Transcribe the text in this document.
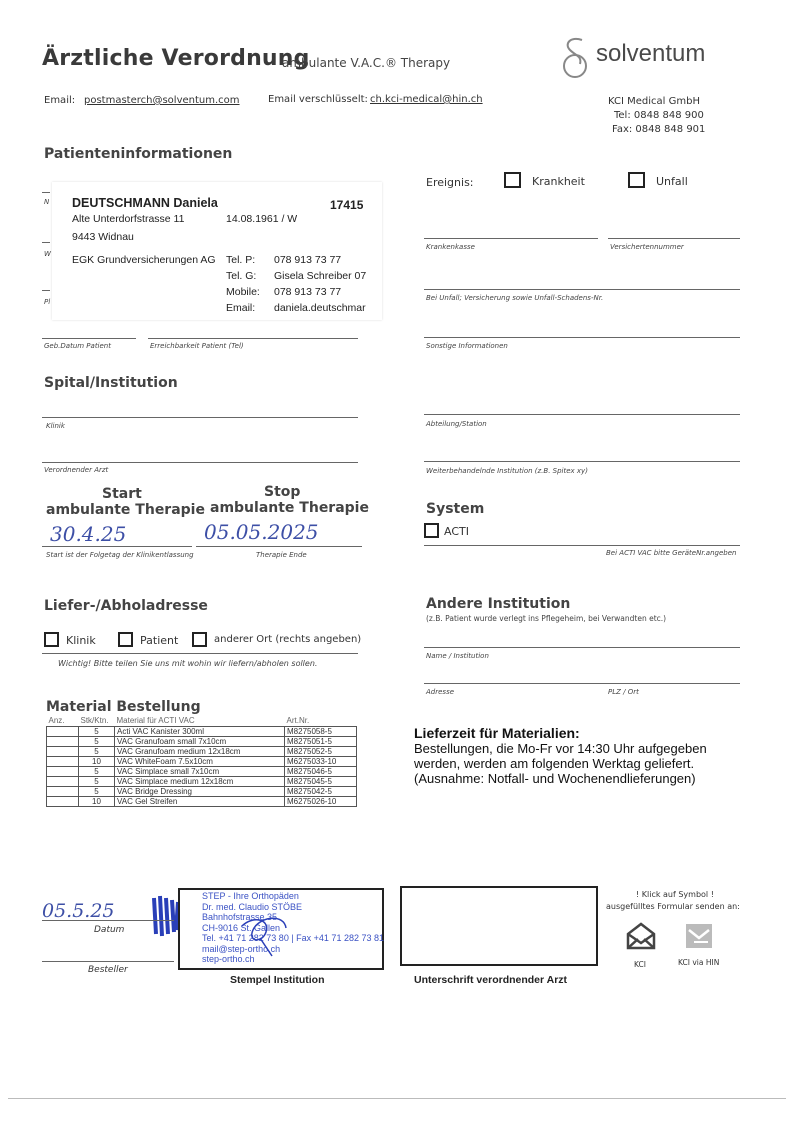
Ärztliche Verordnung
ambulante V.A.C.® Therapy	solventum
Email: postmasterch@solventum.com	Email verschlüsselt: ch.kci-medical@hin.ch	KCI Medical GmbH
Tel: 0848 848 900
Fax: 0848 848 901
Patienteninformationen
N
W
Pl
DEUTSCHMANN Daniela	17415
Alte Unterdorfstrasse 11	14.08.1961 / W
9443 Widnau
EGK Grundversicherungen AG Tel. P: 078 913 73 77
Tel. G: Gisela Schreiber 07
Mobile: 078 913 73 77
Email: daniela.deutschmar
Geb.Datum Patient	Erreichbarkeit Patient (Tel)
Ereignis:	Krankheit	Unfall
Krankenkasse	Versichertennummer
Bei Unfall; Versicherung sowie Unfall-Schadens-Nr.
Sonstige Informationen
Spital/Institution
Klinik	Abteilung/Station
Verordnender Arzt	Weiterbehandelnde Institution (z.B. Spitex xy)
Start
ambulante Therapie
Stop
ambulante Therapie
30.4.25	05.05.2025
Start ist der Folgetag der Klinikentlassung	Therapie Ende
System
ACTI
Bei ACTI VAC bitte GeräteNr.angeben
Liefer-/Abholadresse
Klinik	Patient	anderer Ort (rechts angeben)
Wichtig! Bitte teilen Sie uns mit wohin wir liefern/abholen sollen.
Andere Institution
(z.B. Patient wurde verlegt ins Pflegeheim, bei Verwandten etc.)
Name / Institution
Adresse	PLZ / Ort
Material Bestellung
Anz.	Stk/Ktn.	Material für ACTI VAC	Art.Nr.
	5	Acti VAC Kanister 300ml	M8275058-5
	5	VAC Granufoam small 7x10cm	M8275051-5
	5	VAC Granufoam medium 12x18cm	M8275052-5
	10	VAC WhiteFoam 7.5x10cm	M6275033-10
	5	VAC Simplace small 7x10cm	M8275046-5
	5	VAC Simplace medium 12x18cm	M8275045-5
	5	VAC Bridge Dressing	M8275042-5
	10	VAC Gel Streifen	M6275026-10
Lieferzeit für Materialien:
Bestellungen, die Mo-Fr vor 14:30 Uhr aufgegeben
werden, werden am folgenden Werktag geliefert.
(Ausnahme: Notfall- und Wochenendlieferungen)
05.5.25
Datum
Besteller
STEP - Ihre Orthopäden
Dr. med. Claudio STÖBE
Bahnhofstrasse 35
CH-9016 St. Gallen
Tel. +41 71 282 73 80 | Fax +41 71 282 73 81
mail@step-ortho.ch
step-ortho.ch
Stempel Institution	Unterschrift verordnender Arzt
! Klick auf Symbol !
ausgefülltes Formular senden an:
KCI	KCI via HIN
